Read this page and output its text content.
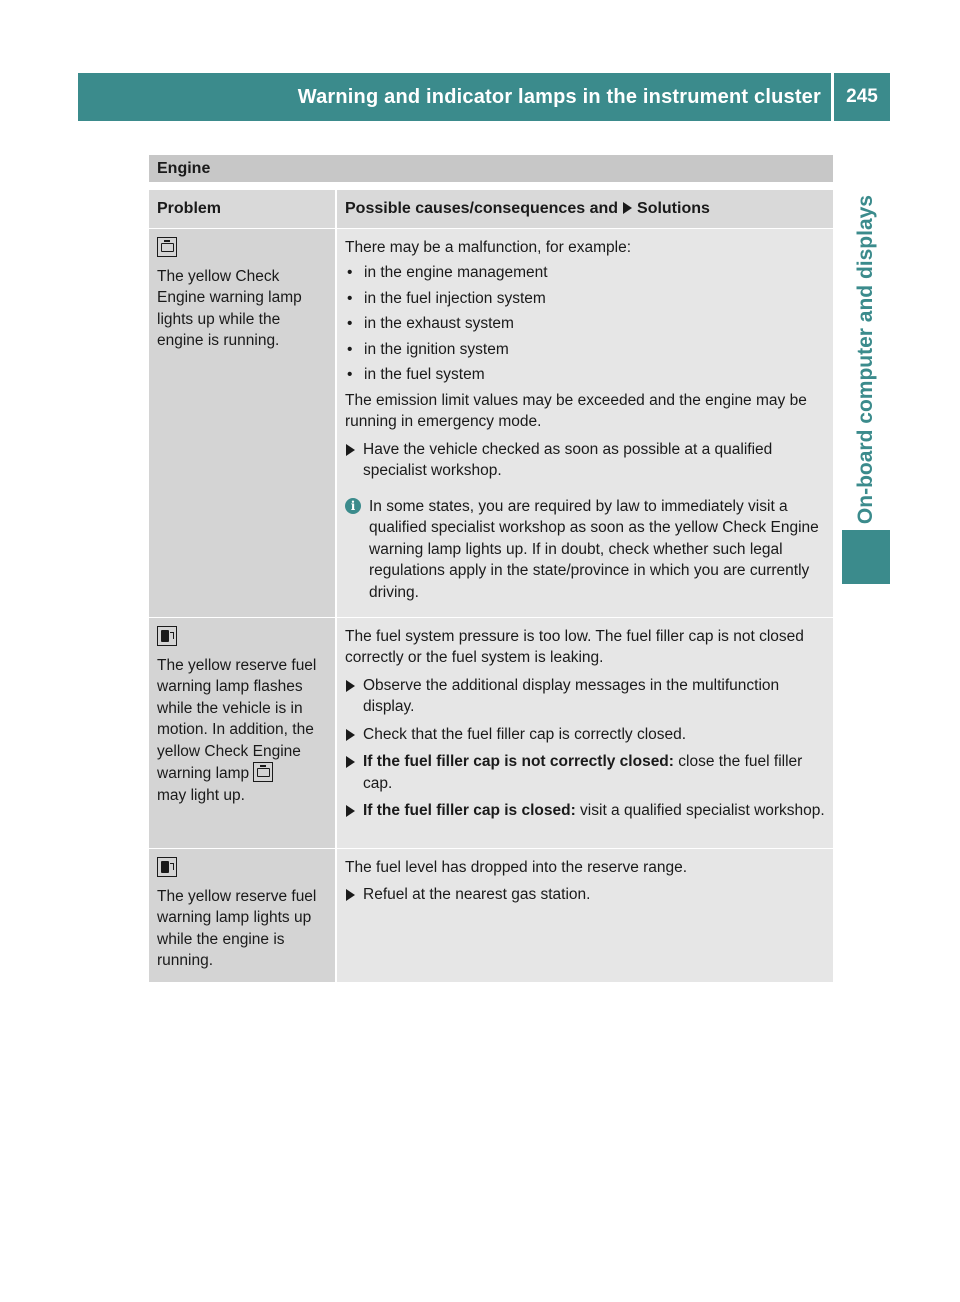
Warning and indicator lamps in the instrument cluster	245
On-board computer and displays
Engine
Problem	Possible causes/consequences and Solutions
The yellow Check Engine warning lamp lights up while the engine is running.
There may be a malfunction, for example:
• in the engine management
• in the fuel injection system
• in the exhaust system
• in the ignition system
• in the fuel system
The emission limit values may be exceeded and the engine may be running in emergency mode.
Have the vehicle checked as soon as possible at a qualified specialist workshop.
i In some states, you are required by law to immediately visit a qualified specialist workshop as soon as the yellow Check Engine warning lamp lights up. If in doubt, check whether such legal regulations apply in the state/province in which you are currently driving.
The yellow reserve fuel warning lamp flashes while the vehicle is in motion. In addition, the yellow Check Engine warning lamp
may light up.
The fuel system pressure is too low. The fuel filler cap is not closed correctly or the fuel system is leaking.
Observe the additional display messages in the multifunction display.
Check that the fuel filler cap is correctly closed.
If the fuel filler cap is not correctly closed: close the fuel filler cap.
If the fuel filler cap is closed: visit a qualified specialist workshop.
The yellow reserve fuel warning lamp lights up while the engine is running.
The fuel level has dropped into the reserve range.
Refuel at the nearest gas station.
